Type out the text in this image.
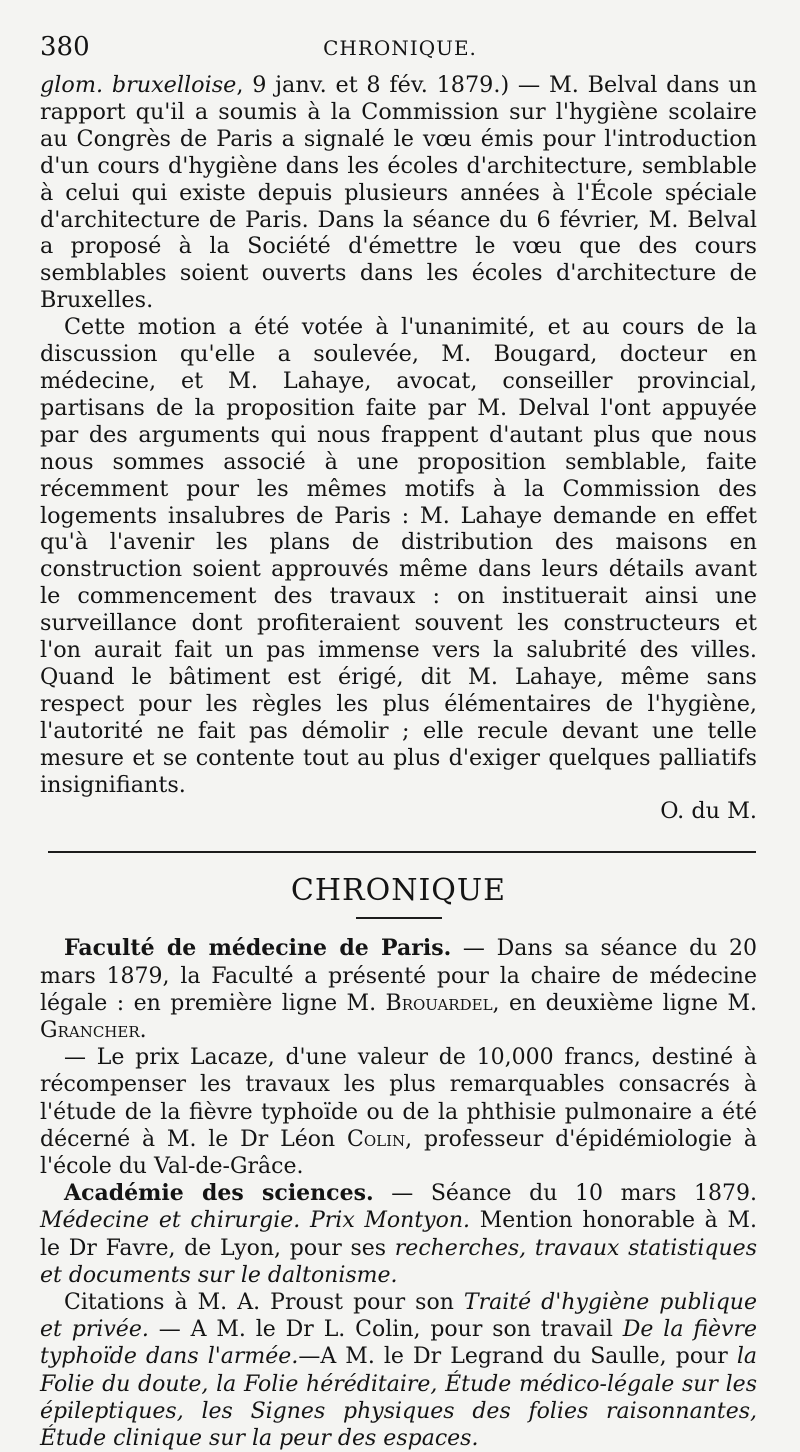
380	CHRONIQUE.

glom. bruxelloise, 9 janv. et 8 fév. 1879.) — M. Belval dans un rapport qu'il a soumis à la Commission sur l'hygiène scolaire au Congrès de Paris a signalé le vœu émis pour l'introduction d'un cours d'hygiène dans les écoles d'architecture, semblable à celui qui existe depuis plusieurs années à l'École spéciale d'architecture de Paris. Dans la séance du 6 février, M. Belval a proposé à la Société d'émettre le vœu que des cours semblables soient ouverts dans les écoles d'architecture de Bruxelles.

Cette motion a été votée à l'unanimité, et au cours de la discussion qu'elle a soulevée, M. Bougard, docteur en médecine, et M. Lahaye, avocat, conseiller provincial, partisans de la proposition faite par M. Delval l'ont appuyée par des arguments qui nous frappent d'autant plus que nous nous sommes associé à une proposition semblable, faite récemment pour les mêmes motifs à la Commission des logements insalubres de Paris : M. Lahaye demande en effet qu'à l'avenir les plans de distribution des maisons en construction soient approuvés même dans leurs détails avant le commencement des travaux : on instituerait ainsi une surveillance dont profiteraient souvent les constructeurs et l'on aurait fait un pas immense vers la salubrité des villes. Quand le bâtiment est érigé, dit M. Lahaye, même sans respect pour les règles les plus élémentaires de l'hygiène, l'autorité ne fait pas démolir ; elle recule devant une telle mesure et se contente tout au plus d'exiger quelques palliatifs insignifiants.

O. du M.

CHRONIQUE

Faculté de médecine de Paris. — Dans sa séance du 20 mars 1879, la Faculté a présenté pour la chaire de médecine légale : en première ligne M. Brouardel, en deuxième ligne M. Grancher.

— Le prix Lacaze, d'une valeur de 10,000 francs, destiné à récompenser les travaux les plus remarquables consacrés à l'étude de la fièvre typhoïde ou de la phthisie pulmonaire a été décerné à M. le Dr Léon Colin, professeur d'épidémiologie à l'école du Val-de-Grâce.

Académie des sciences. — Séance du 10 mars 1879. Médecine et chirurgie. Prix Montyon. Mention honorable à M. le Dr Favre, de Lyon, pour ses recherches, travaux statistiques et documents sur le daltonisme.

Citations à M. A. Proust pour son Traité d'hygiène publique et privée. — A M. le Dr L. Colin, pour son travail De la fièvre typhoïde dans l'armée.—A M. le Dr Legrand du Saulle, pour la Folie du doute, la Folie héréditaire, Étude médico-légale sur les épileptiques, les Signes physiques des folies raisonnantes, Étude clinique sur la peur des espaces.
